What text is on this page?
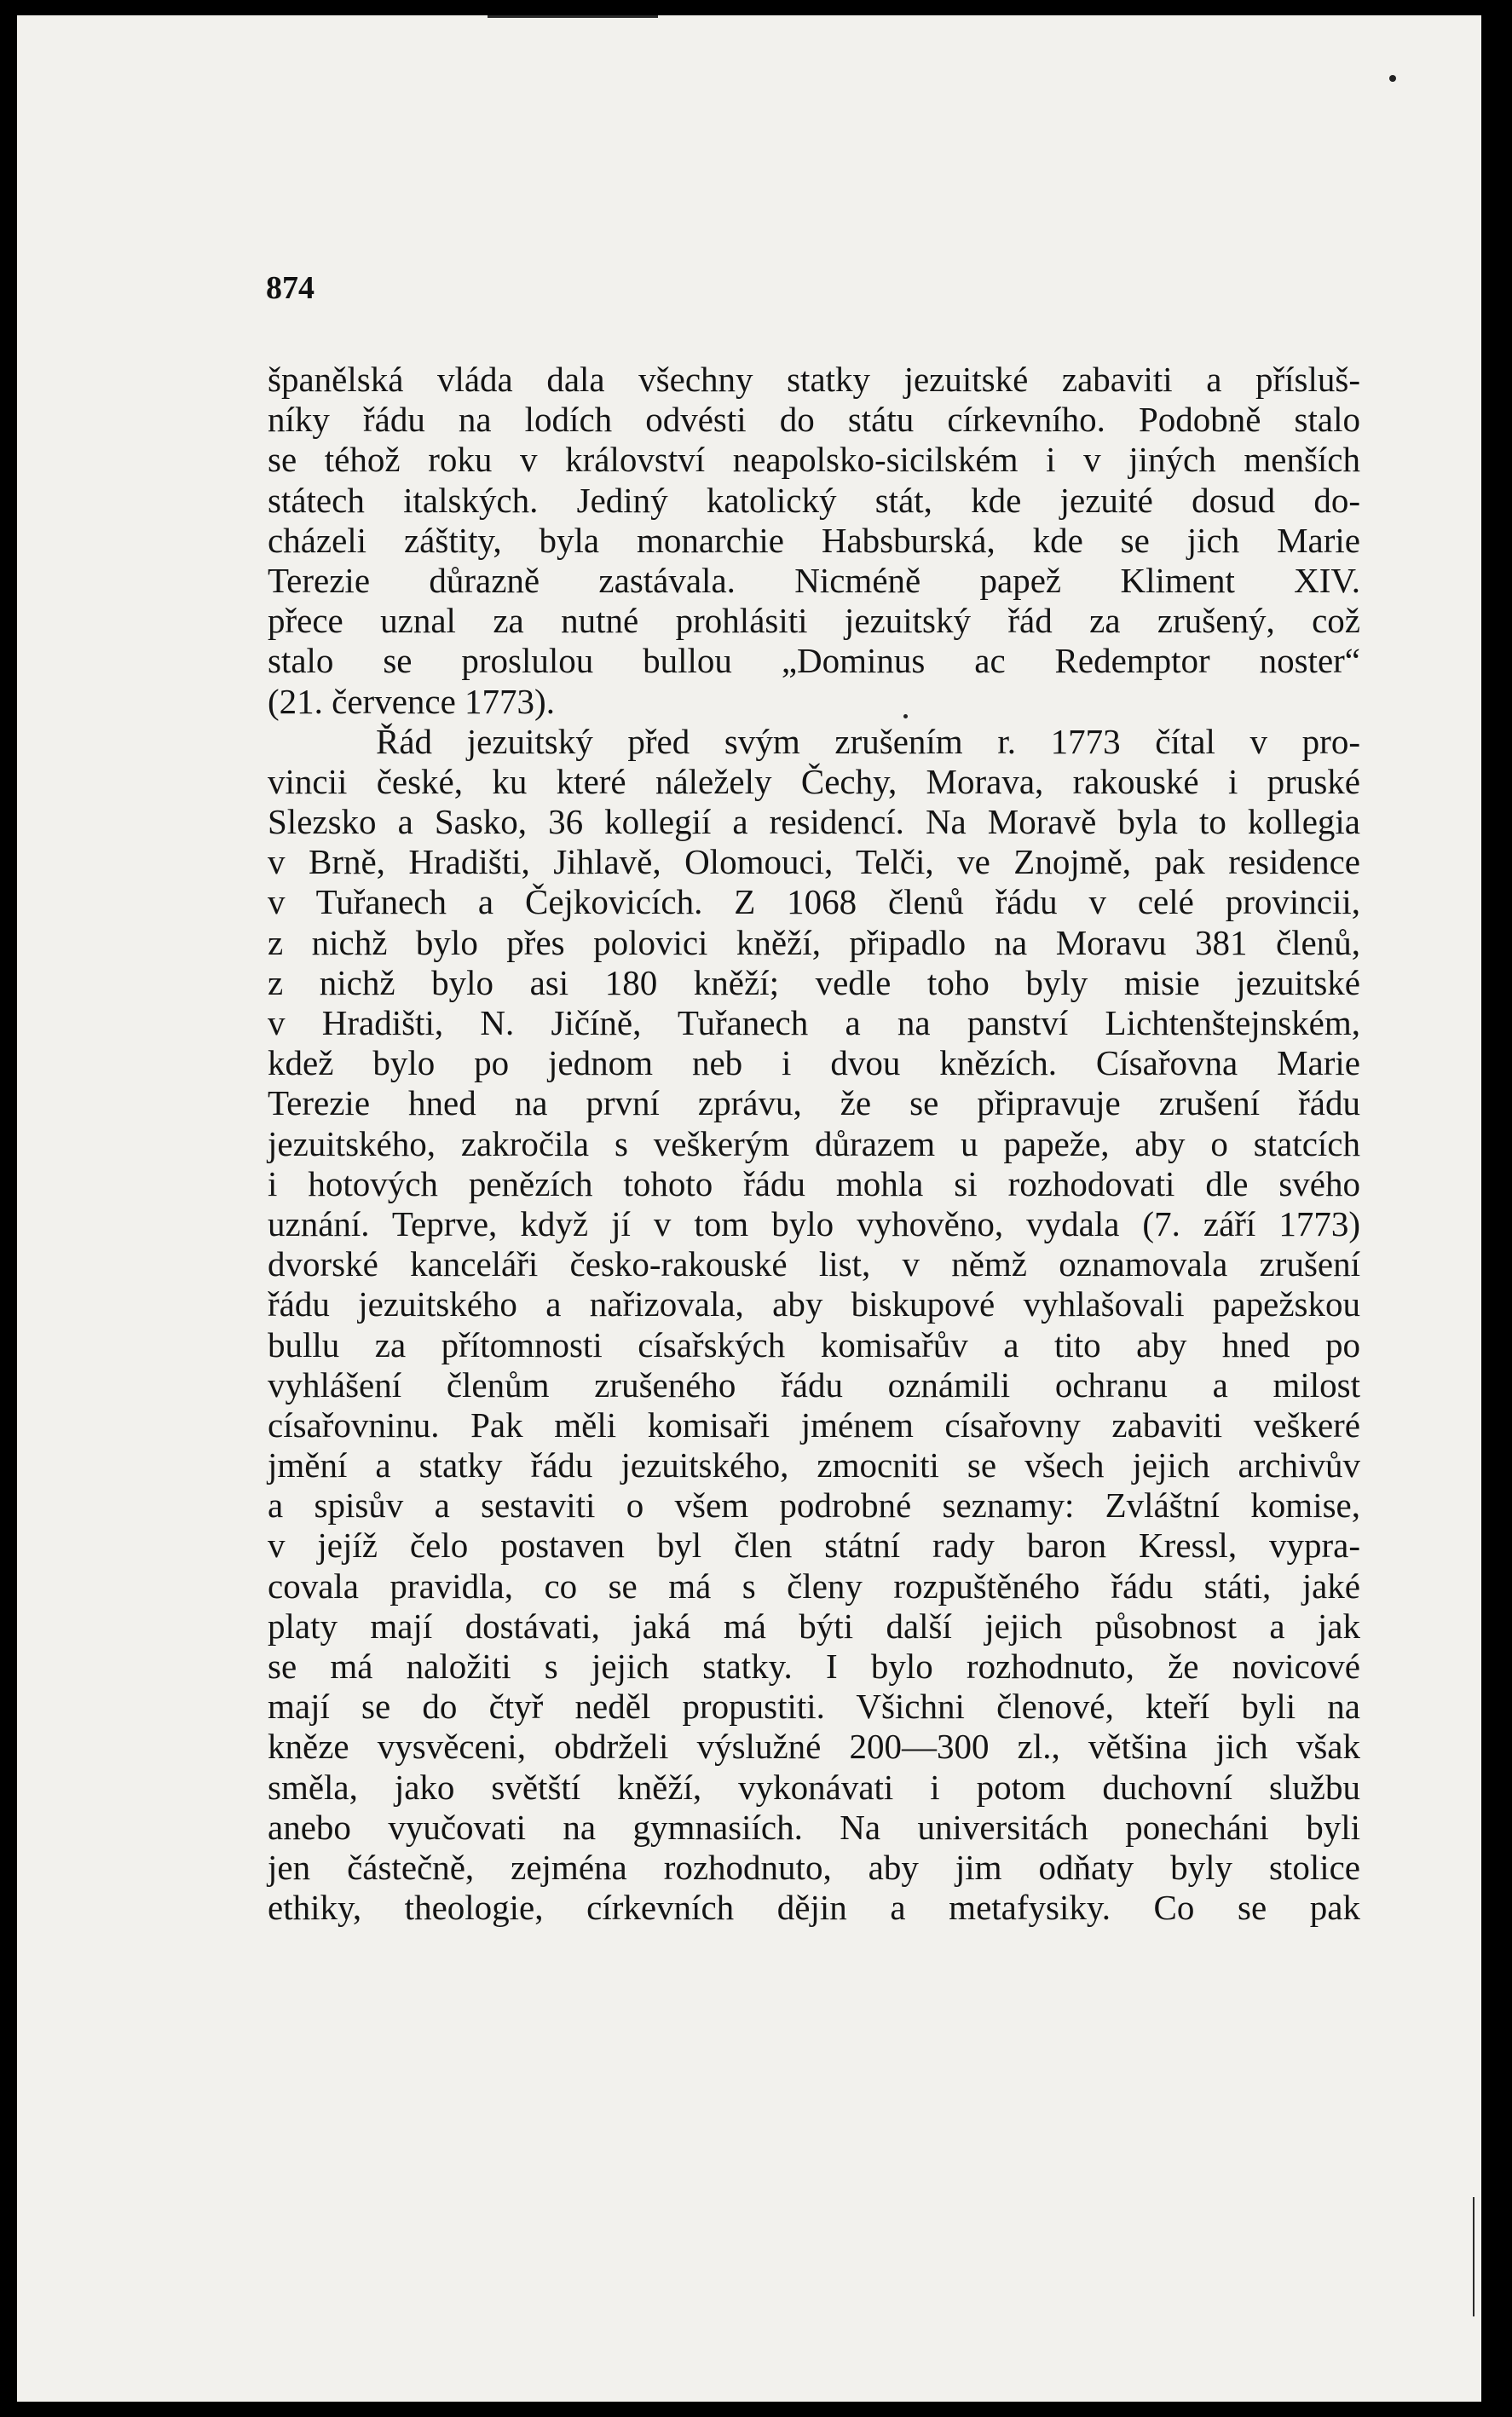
874
španělská vláda dala všechny statky jezuitské zabaviti a přísluš-
níky řádu na lodích odvésti do státu církevního. Podobně stalo
se téhož roku v království neapolsko-sicilském i v jiných menších
státech italských. Jediný katolický stát, kde jezuité dosud do-
cházeli záštity, byla monarchie Habsburská, kde se jich Marie
Terezie důrazně zastávala. Nicméně papež Kliment XIV.
přece uznal za nutné prohlásiti jezuitský řád za zrušený, což
stalo se proslulou bullou „Dominus ac Redemptor noster“
(21. července 1773).
Řád jezuitský před svým zrušením r. 1773 čítal v pro-
vincii české, ku které náležely Čechy, Morava, rakouské i pruské
Slezsko a Sasko, 36 kollegií a residencí. Na Moravě byla to kollegia
v Brně, Hradišti, Jihlavě, Olomouci, Telči, ve Znojmě, pak residence
v Tuřanech a Čejkovicích. Z 1068 členů řádu v celé provincii,
z nichž bylo přes polovici kněží, připadlo na Moravu 381 členů,
z nichž bylo asi 180 kněží; vedle toho byly misie jezuitské
v Hradišti, N. Jičíně, Tuřanech a na panství Lichtenštejnském,
kdež bylo po jednom neb i dvou knězích. Císařovna Marie
Terezie hned na první zprávu, že se připravuje zrušení řádu
jezuitského, zakročila s veškerým důrazem u papeže, aby o statcích
i hotových penězích tohoto řádu mohla si rozhodovati dle svého
uznání. Teprve, když jí v tom bylo vyhověno, vydala (7. září 1773)
dvorské kanceláři česko-rakouské list, v němž oznamovala zrušení
řádu jezuitského a nařizovala, aby biskupové vyhlašovali papežskou
bullu za přítomnosti císařských komisařův a tito aby hned po
vyhlášení členům zrušeného řádu oznámili ochranu a milost
císařovninu. Pak měli komisaři jménem císařovny zabaviti veškeré
jmění a statky řádu jezuitského, zmocniti se všech jejich archivův
a spisův a sestaviti o všem podrobné seznamy: Zvláštní komise,
v jejíž čelo postaven byl člen státní rady baron Kressl, vypra-
covala pravidla, co se má s členy rozpuštěného řádu státi, jaké
platy mají dostávati, jaká má býti další jejich působnost a jak
se má naložiti s jejich statky. I bylo rozhodnuto, že novicové
mají se do čtyř neděl propustiti. Všichni členové, kteří byli na
kněze vysvěceni, obdrželi výslužné 200—300 zl., většina jich však
směla, jako světští kněží, vykonávati i potom duchovní službu
anebo vyučovati na gymnasiích. Na universitách ponecháni byli
jen částečně, zejména rozhodnuto, aby jim odňaty byly stolice
ethiky, theologie, církevních dějin a metafysiky. Co se pak
